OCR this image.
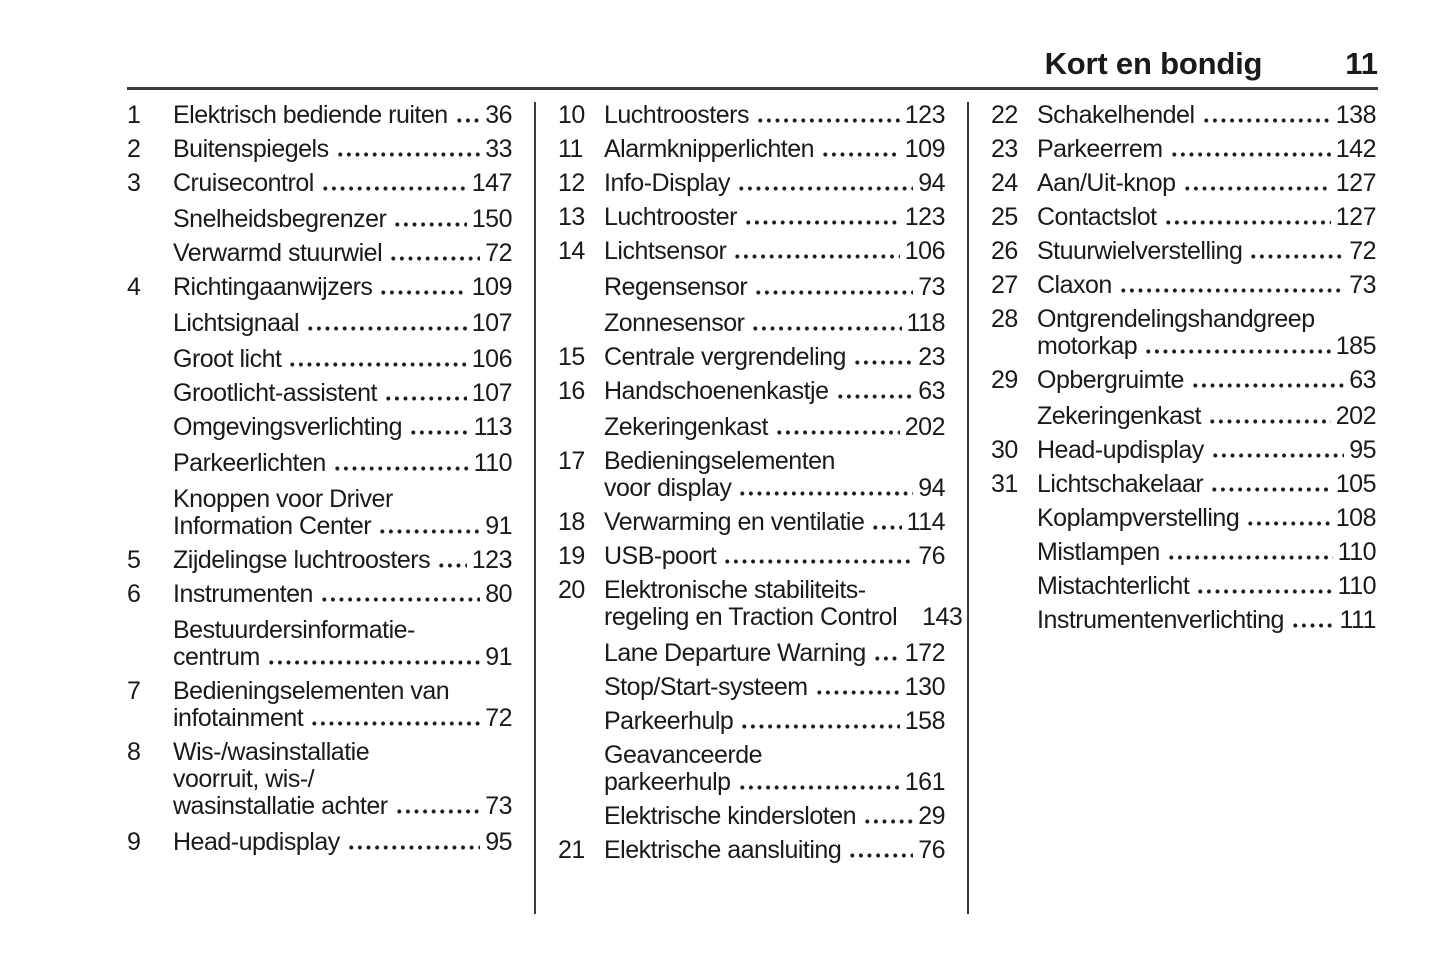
Kort en bondig	11
1	Elektrisch bediende ruiten 36
2	Buitenspiegels	33
3	Cruisecontrol	147
Snelheidsbegrenzer	150
Verwarmd stuurwiel	72
4	Richtingaanwijzers	109
Lichtsignaal	107
Groot licht	106
Grootlicht-assistent	107
Omgevingsverlichting	113
Parkeerlichten	110
Knoppen voor Driver
Information Center	91
5	Zijdelingse luchtroosters 123
6	Instrumenten	80
Bestuurdersinformatie-
centrum	91
7	Bedieningselementen van
infotainment	72
8	Wis-/wasinstallatie
voorruit, wis-/
wasinstallatie achter	73
9	Head-updisplay	95
10 Luchtroosters	123
11 Alarmknipperlichten	109
12 Info-Display	94
13 Luchtrooster	123
14 Lichtsensor	106
Regensensor	73
Zonnesensor	118
15 Centrale vergrendeling	23
16 Handschoenenkastje	63
Zekeringenkast	202
17 Bedieningselementen
voor display	94
18 Verwarming en ventilatie 114
19 USB-poort	76
20 Elektronische stabiliteits-
regeling en Traction Control 143
Lane Departure Warning 172
Stop/Start-systeem	130
Parkeerhulp	158
Geavanceerde
parkeerhulp	161
Elektrische kindersloten 29
21 Elektrische aansluiting	76
22 Schakelhendel	138
23 Parkeerrem	142
24 Aan/Uit-knop	127
25 Contactslot	127
26 Stuurwielverstelling	72
27 Claxon	73
28 Ontgrendelingshandgreep
motorkap	185
29 Opbergruimte	63
Zekeringenkast	202
30 Head-updisplay	95
31 Lichtschakelaar	105
Koplampverstelling	108
Mistlampen	110
Mistachterlicht	110
Instrumentenverlichting 111
